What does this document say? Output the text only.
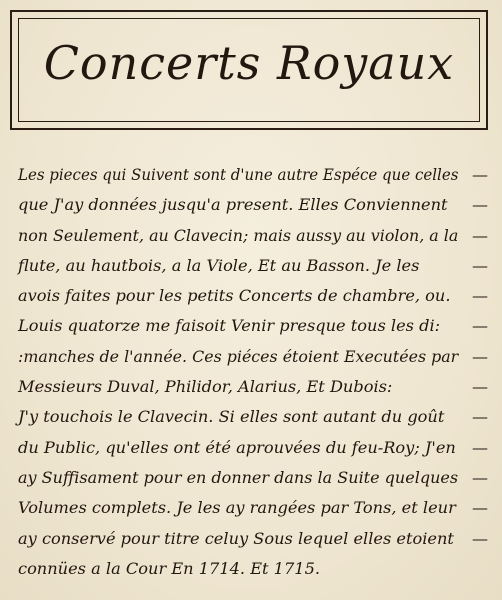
Concerts Royaux
Les pieces qui Suivent sont d'une autre Espéce que celles —
que J'ay données jusqu'a present. Elles Conviennent —
non Seulement, au Clavecin; mais aussy au violon, a la —
flute, au hautbois, a la Viole, Et au Basson. Je les	—
avois faites pour les petits Concerts de chambre, ou. —
Louis quatorze me faisoit Venir presque tous les di: —
:manches de l'année. Ces piéces étoient Executées par —
Messieurs Duval, Philidor, Alarius, Et Dubois:	—
J'y touchois le Clavecin. Si elles sont autant du goût —
du Public, qu'elles ont été aprouvées du feu-Roy; J'en —
ay Suffisament pour en donner dans la Suite quelques —
Volumes complets. Je les ay rangées par Tons, et leur —
ay conservé pour titre celuy Sous lequel elles etoient —
connües a la Cour En 1714. Et 1715.
